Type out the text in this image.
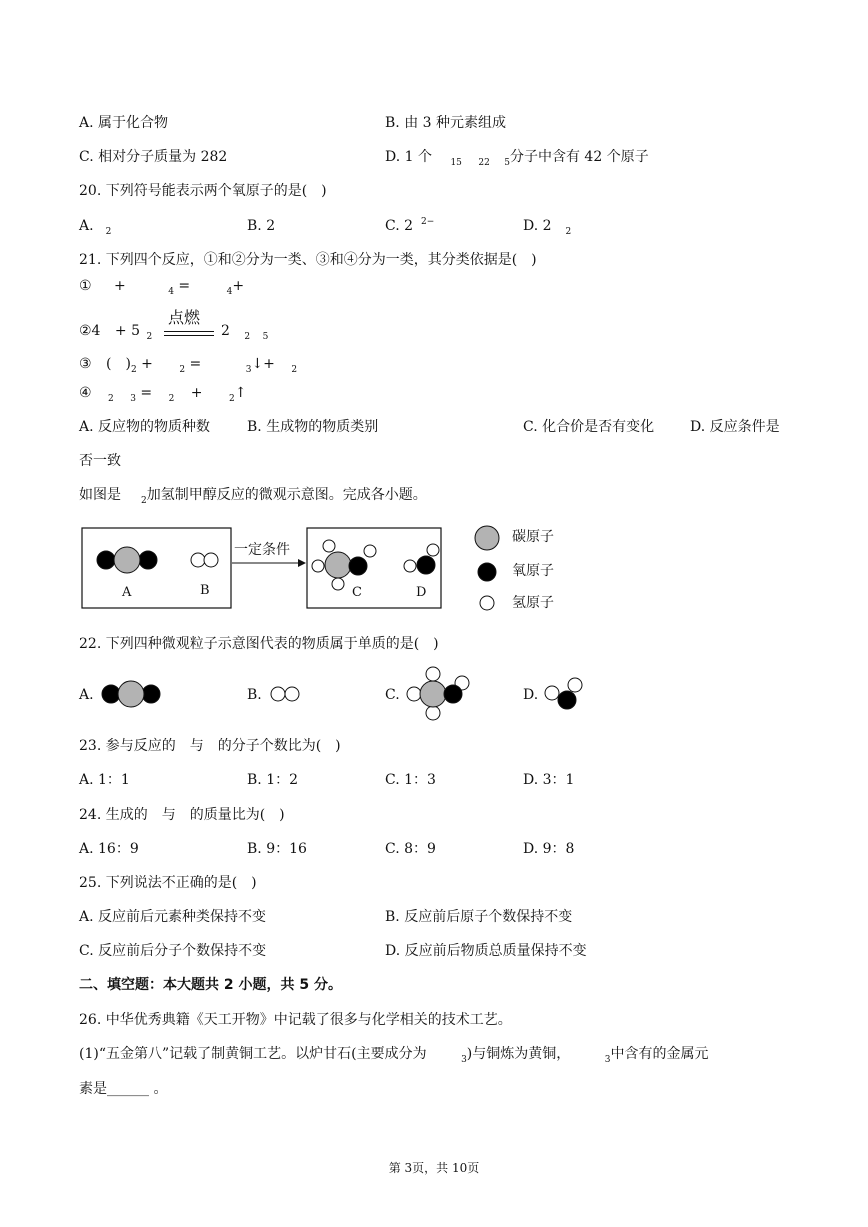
A. 属于化合物	B. 由 3 种元素组成
C. 相对分子质量为 282	D. 1 个 $_{15}$ $_{22}$ $_5$分子中含有 42 个原子
20. 下列符号能表示两个氧原子的是(  )
A. $_2$	B. 2	C. 2 $^{2-}$	D. 2 $_2$
21. 下列四个反应，①和②分为一类、③和④分为一类，其分类依据是(  )
① +	$_4$ =	$_4$+
②4 + 5 $_2$
点燃
2 $_2$ $_5$
③ ( )$_2$ +	$_2$ =	$_3$↓+ $_2$
④ $_2$ $_3$ = $_2$ +	$_2$↑
A. 反应物的物质种数	B. 生成物的物质类别	C. 化合价是否有变化	D. 反应条件是
否一致
如图是 $_2$加氢制甲醇反应的微观示意图。完成各小题。
A	B	C	D
一定条件
碳原子
氧原子
氢原子
22. 下列四种微观粒子示意图代表的物质属于单质的是(  )
A.	B.	C.	D.
23. 参与反应的  与  的分子个数比为(  )
A. 1：1	B. 1：2	C. 1：3	D. 3：1
24. 生成的  与  的质量比为(  )
A. 16：9	B. 9：16	C. 8：9	D. 9：8
25. 下列说法不正确的是(  )
A. 反应前后元素种类保持不变	B. 反应前后原子个数保持不变
C. 反应前后分子个数保持不变	D. 反应前后物质总质量保持不变
二、填空题：本大题共 2 小题，共 5 分。
26. 中华优秀典籍《天工开物》中记载了很多与化学相关的技术工艺。
(1)“五金第八”记载了制黄铜工艺。以炉甘石(主要成分为	$_3$)与铜炼为黄铜，	$_3$中含有的金属元
素是______ 。
第 3页，共 10页
